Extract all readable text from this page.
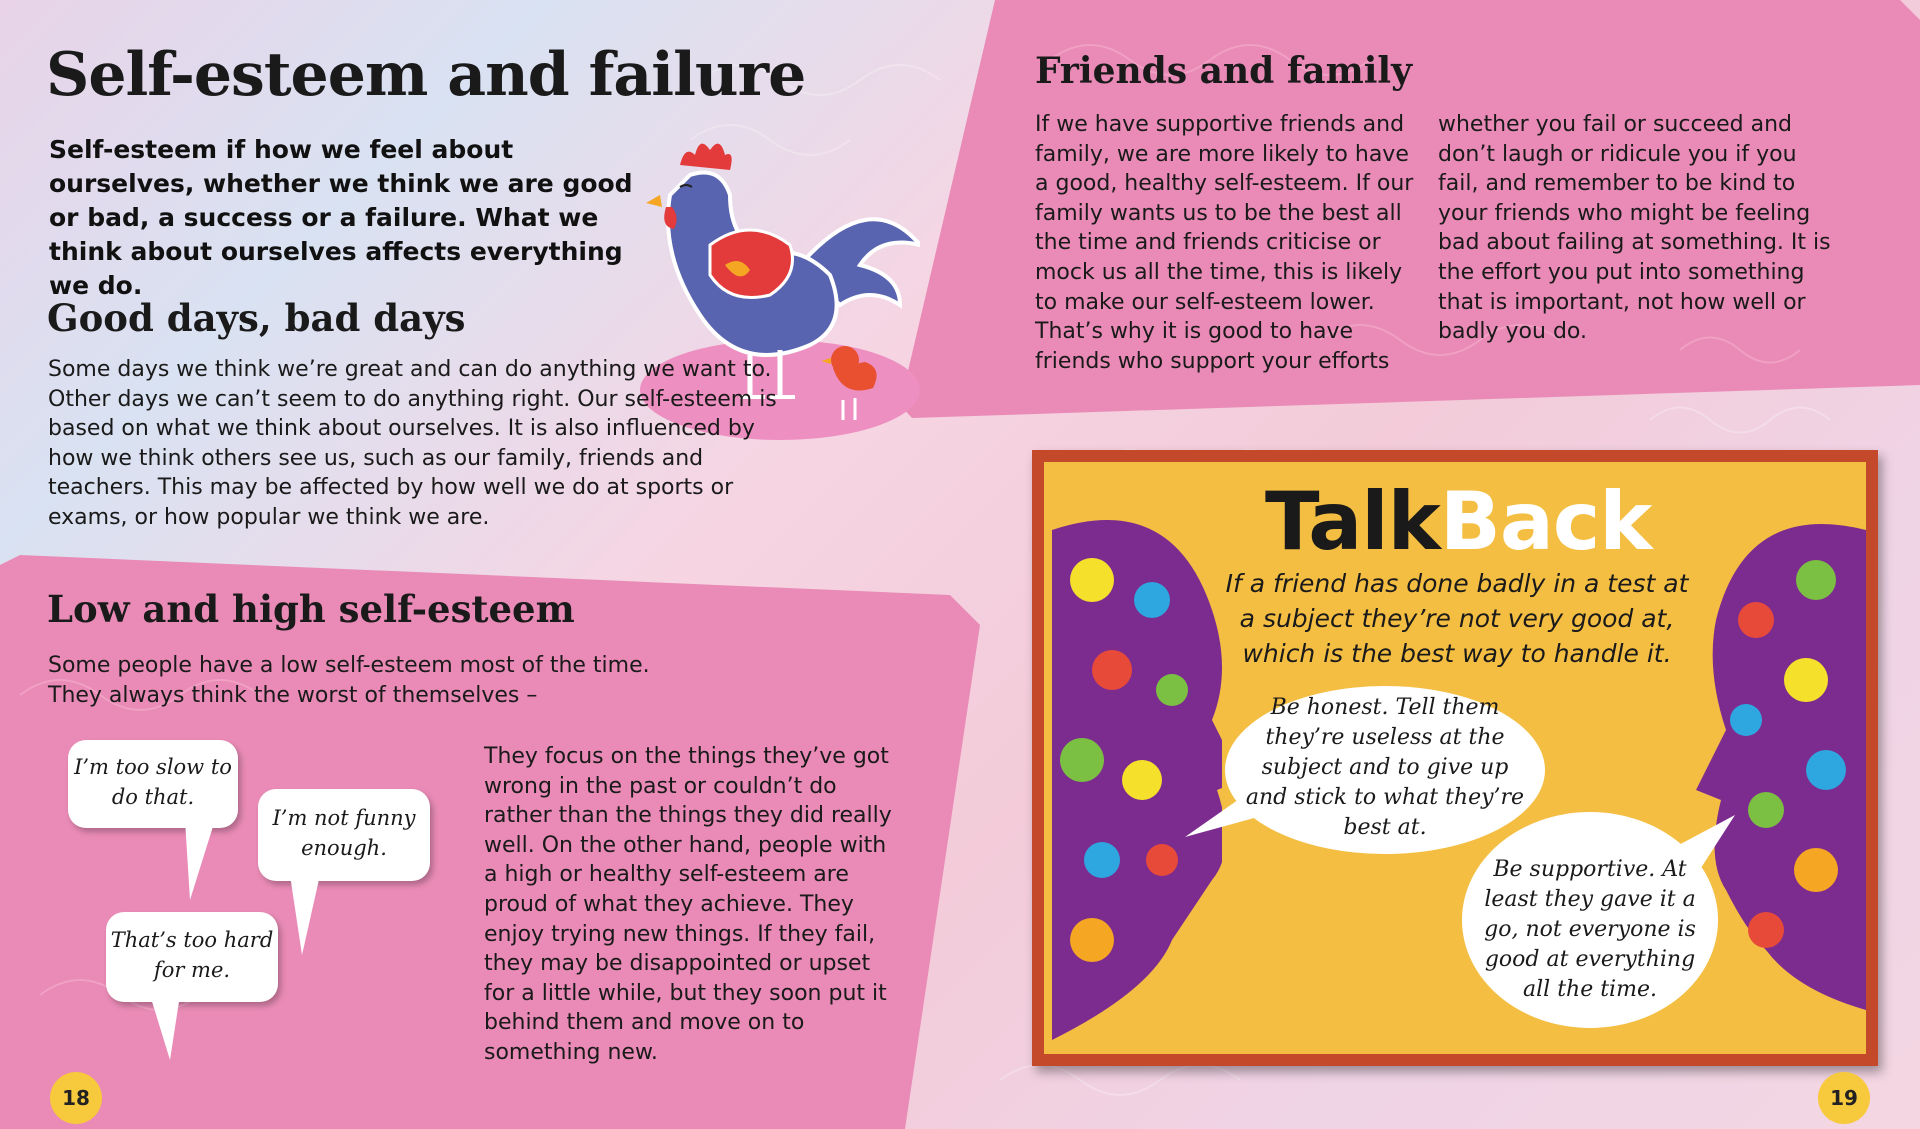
Self-esteem and failure

Self-esteem if how we feel about ourselves, whether we think we are good or bad, a success or a failure. What we think about ourselves affects everything we do.

Good days, bad days

Some days we think we’re great and can do anything we want to. Other days we can’t seem to do anything right. Our self-esteem is based on what we think about ourselves. It is also influenced by how we think others see us, such as our family, friends and teachers. This may be affected by how well we do at sports or exams, or how popular we think we are.

Low and high self-esteem

Some people have a low self-esteem most of the time. They always think the worst of themselves –

They focus on the things they’ve got wrong in the past or couldn’t do rather than the things they did really well. On the other hand, people with a high or healthy self-esteem are proud of what they achieve. They enjoy trying new things. If they fail, they may be disappointed or upset for a little while, but they soon put it behind them and move on to something new.

I’m too slow to do that.
I’m not funny enough.
That’s too hard for me.
Friends and family

If we have supportive friends and family, we are more likely to have a good, healthy self-esteem. If our family wants us to be the best all the time and friends criticise or mock us all the time, this is likely to make our self-esteem lower. That’s why it is good to have friends who support your efforts

whether you fail or succeed and don’t laugh or ridicule you if you fail, and remember to be kind to your friends who might be feeling bad about failing at something. It is the effort you put into something that is important, not how well or badly you do.

TalkBack

If a friend has done badly in a test at a subject they’re not very good at, which is the best way to handle it.

Be honest. Tell them they’re useless at the subject and to give up and stick to what they’re best at.

Be supportive. At least they gave it a go, not everyone is good at everything all the time.

18	19
